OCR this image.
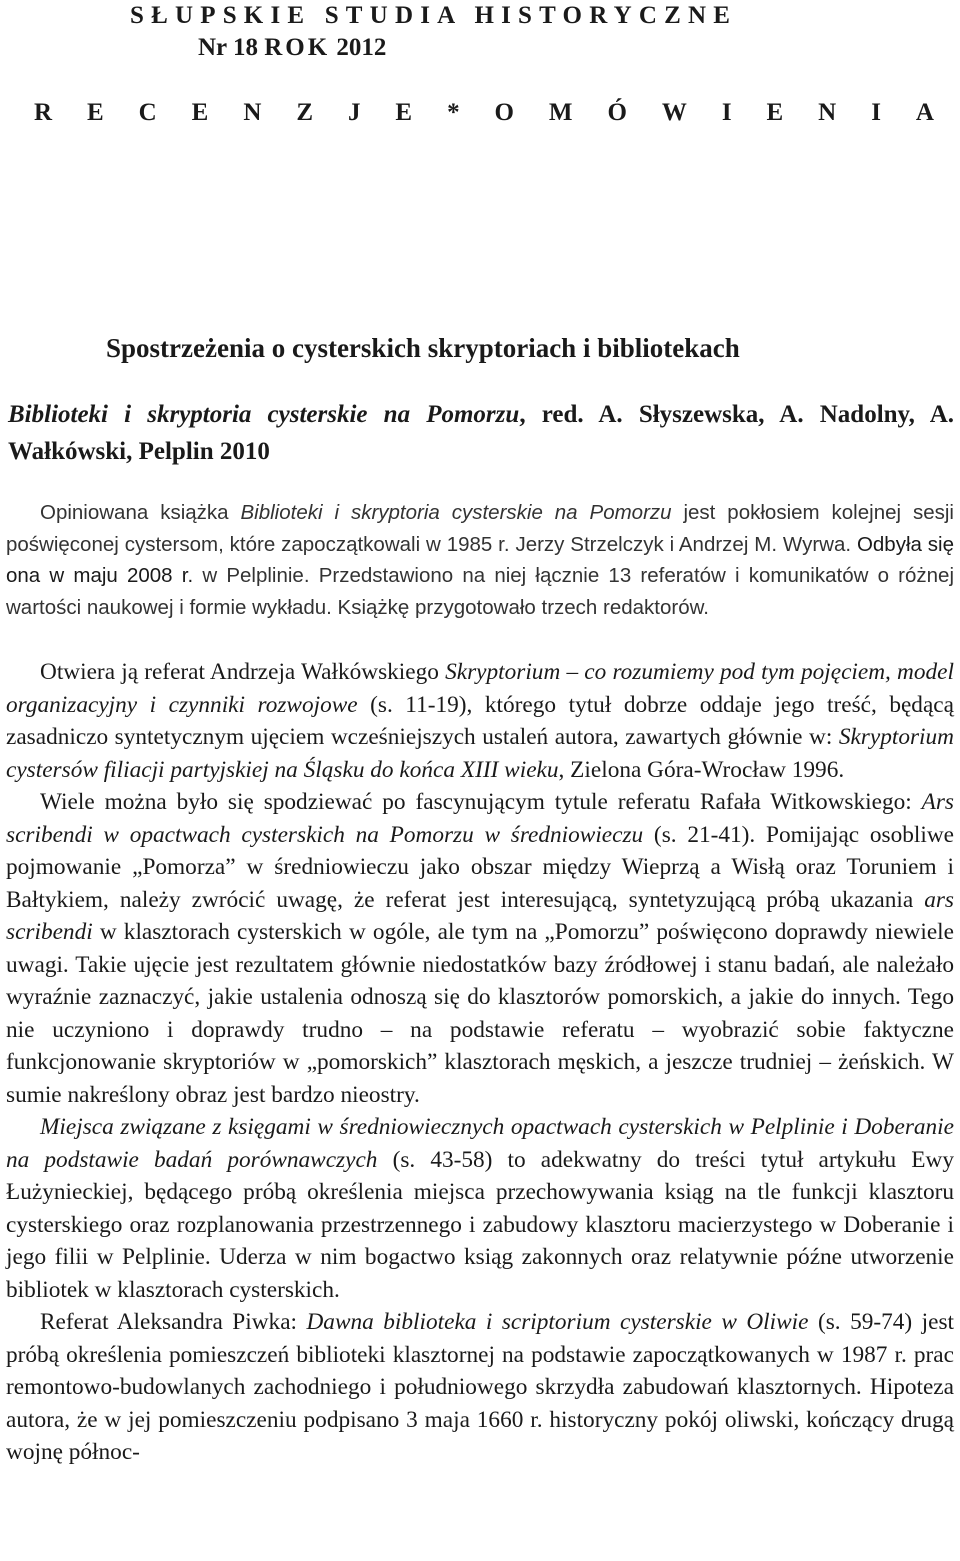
SŁUPSKIE STUDIA HISTORYCZNE
Nr 18 ROK 2012
R E C E N Z J E * O M Ó W I E N I A
Spostrzeżenia o cysterskich skryptoriach i bibliotekach
Biblioteki i skryptoria cysterskie na Pomorzu, red. A. Słyszewska, A. Nadolny, A. Wałkówski, Pelplin 2010

Opiniowana książka Biblioteki i skryptoria cysterskie na Pomorzu jest pokłosiem kolejnej sesji poświęconej cystersom, które zapoczątkowali w 1985 r. Jerzy Strzelczyk i Andrzej M. Wyrwa. Odbyła się ona w maju 2008 r. w Pelplinie. Przedstawiono na niej łącznie 13 referatów i komunikatów o różnej wartości naukowej i formie wykładu. Książkę przygotowało trzech redaktorów.

Otwiera ją referat Andrzeja Wałkówskiego Skryptorium – co rozumiemy pod tym pojęciem, model organizacyjny i czynniki rozwojowe (s. 11-19), którego tytuł dobrze oddaje jego treść, będącą zasadniczo syntetycznym ujęciem wcześniejszych ustaleń autora, zawartych głównie w: Skryptorium cystersów filiacji partyjskiej na Śląsku do końca XIII wieku, Zielona Góra-Wrocław 1996.

Wiele można było się spodziewać po fascynującym tytule referatu Rafała Witkowskiego: Ars scribendi w opactwach cysterskich na Pomorzu w średniowieczu (s. 21-41). Pomijając osobliwe pojmowanie „Pomorza” w średniowieczu jako obszar między Wieprzą a Wisłą oraz Toruniem i Bałtykiem, należy zwrócić uwagę, że referat jest interesującą, syntetyzującą próbą ukazania ars scribendi w klasztorach cysterskich w ogóle, ale tym na „Pomorzu” poświęcono doprawdy niewiele uwagi. Takie ujęcie jest rezultatem głównie niedostatków bazy źródłowej i stanu badań, ale należało wyraźnie zaznaczyć, jakie ustalenia odnoszą się do klasztorów pomorskich, a jakie do innych. Tego nie uczyniono i doprawdy trudno – na podstawie referatu – wyobrazić sobie faktyczne funkcjonowanie skryptoriów w „pomorskich” klasztorach męskich, a jeszcze trudniej – żeńskich. W sumie nakreślony obraz jest bardzo nieostry.

Miejsca związane z księgami w średniowiecznych opactwach cysterskich w Pelplinie i Doberanie na podstawie badań porównawczych (s. 43-58) to adekwatny do treści tytuł artykułu Ewy Łużynieckiej, będącego próbą określenia miejsca przechowywania ksiąg na tle funkcji klasztoru cysterskiego oraz rozplanowania przestrzennego i zabudowy klasztoru macierzystego w Doberanie i jego filii w Pelplinie. Uderza w nim bogactwo ksiąg zakonnych oraz relatywnie późne utworzenie bibliotek w klasztorach cysterskich.

Referat Aleksandra Piwka: Dawna biblioteka i scriptorium cysterskie w Oliwie (s. 59-74) jest próbą określenia pomieszczeń biblioteki klasztornej na podstawie zapoczątkowanych w 1987 r. prac remontowo-budowlanych zachodniego i południowego skrzydła zabudowań klasztornych. Hipoteza autora, że w jej pomieszczeniu podpisano 3 maja 1660 r. historyczny pokój oliwski, kończący drugą wojnę północ-
